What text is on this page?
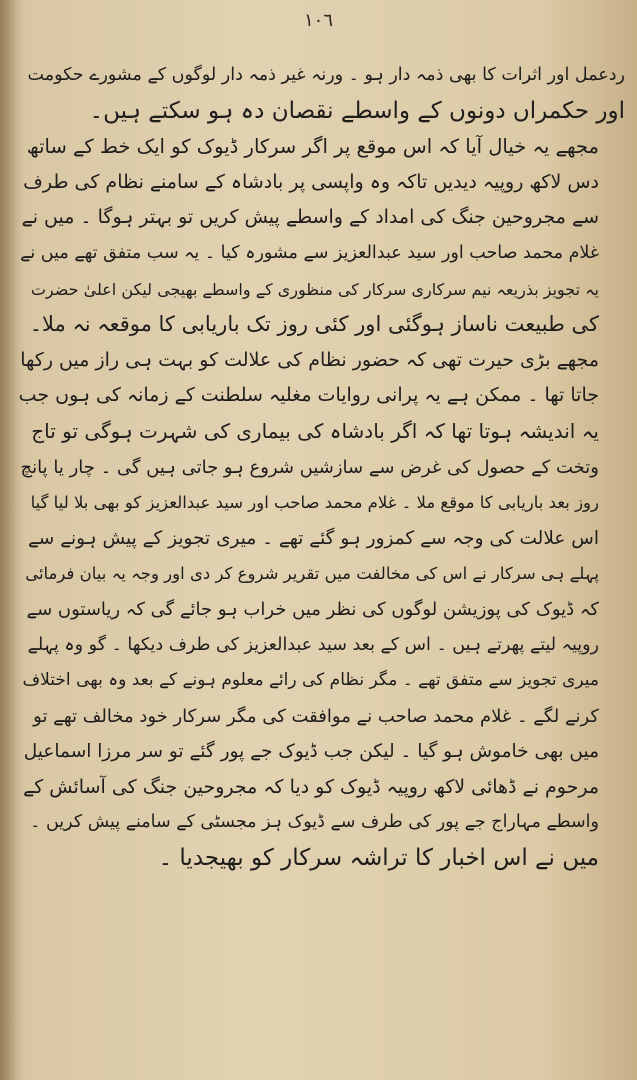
١٠٦
ردعمل اور اثرات کا بھی ذمہ دار ہو ۔ ورنہ غیر ذمہ دار لوگوں کے مشورے حکومت
اور حکمراں دونوں کے واسطے نقصان دہ ہو سکتے ہیں۔
مجھے یہ خیال آیا کہ اس موقع پر اگر سرکار ڈیوک کو ایک خط کے ساتھ
دس لاکھ روپیہ دیدیں تاکہ وہ واپسی پر بادشاہ کے سامنے نظام کی طرف
سے مجروحین جنگ کی امداد کے واسطے پیش کریں تو بہتر ہوگا ۔ میں نے
غلام محمد صاحب اور سید عبدالعزیز سے مشورہ کیا ۔ یہ سب متفق تھے میں نے
یہ تجویز بذریعہ نیم سرکاری سرکار کی منظوری کے واسطے بھیجی لیکن اعلیٰ حضرت
کی طبیعت ناساز ہوگئی اور کئی روز تک باریابی کا موقعہ نہ ملا۔
مجھے بڑی حیرت تھی کہ حضور نظام کی علالت کو بہت ہی راز میں رکھا
جاتا تھا ۔ ممکن ہے یہ پرانی روایات مغلیہ سلطنت کے زمانہ کی ہوں جب
یہ اندیشہ ہوتا تھا کہ اگر بادشاہ کی بیماری کی شہرت ہوگی تو تاج
وتخت کے حصول کی غرض سے سازشیں شروع ہو جاتی ہیں گی ۔ چار یا پانچ
روز بعد باریابی کا موقع ملا ۔ غلام محمد صاحب اور سید عبدالعزیز کو بھی بلا لیا گیا
اس علالت کی وجہ سے کمزور ہو گئے تھے ۔ میری تجویز کے پیش ہونے سے
پہلے ہی سرکار نے اس کی مخالفت میں تقریر شروع کر دی اور وجہ یہ بیان فرمائی
کہ ڈیوک کی پوزیشن لوگوں کی نظر میں خراب ہو جائے گی کہ ریاستوں سے
روپیہ لیتے پھرتے ہیں ۔ اس کے بعد سید عبدالعزیز کی طرف دیکھا ۔ گو وہ پہلے
میری تجویز سے متفق تھے ۔ مگر نظام کی رائے معلوم ہونے کے بعد وہ بھی اختلاف
کرنے لگے ۔ غلام محمد صاحب نے موافقت کی مگر سرکار خود مخالف تھے تو
میں بھی خاموش ہو گیا ۔ لیکن جب ڈیوک جے پور گئے تو سر مرزا اسماعیل
مرحوم نے ڈھائی لاکھ روپیہ ڈیوک کو دیا کہ مجروحین جنگ کی آسائش کے
واسطے مہاراج جے پور کی طرف سے ڈیوک ہز مجسٹی کے سامنے پیش کریں ۔
میں نے اس اخبار کا تراشہ سرکار کو بھیجدیا ۔
